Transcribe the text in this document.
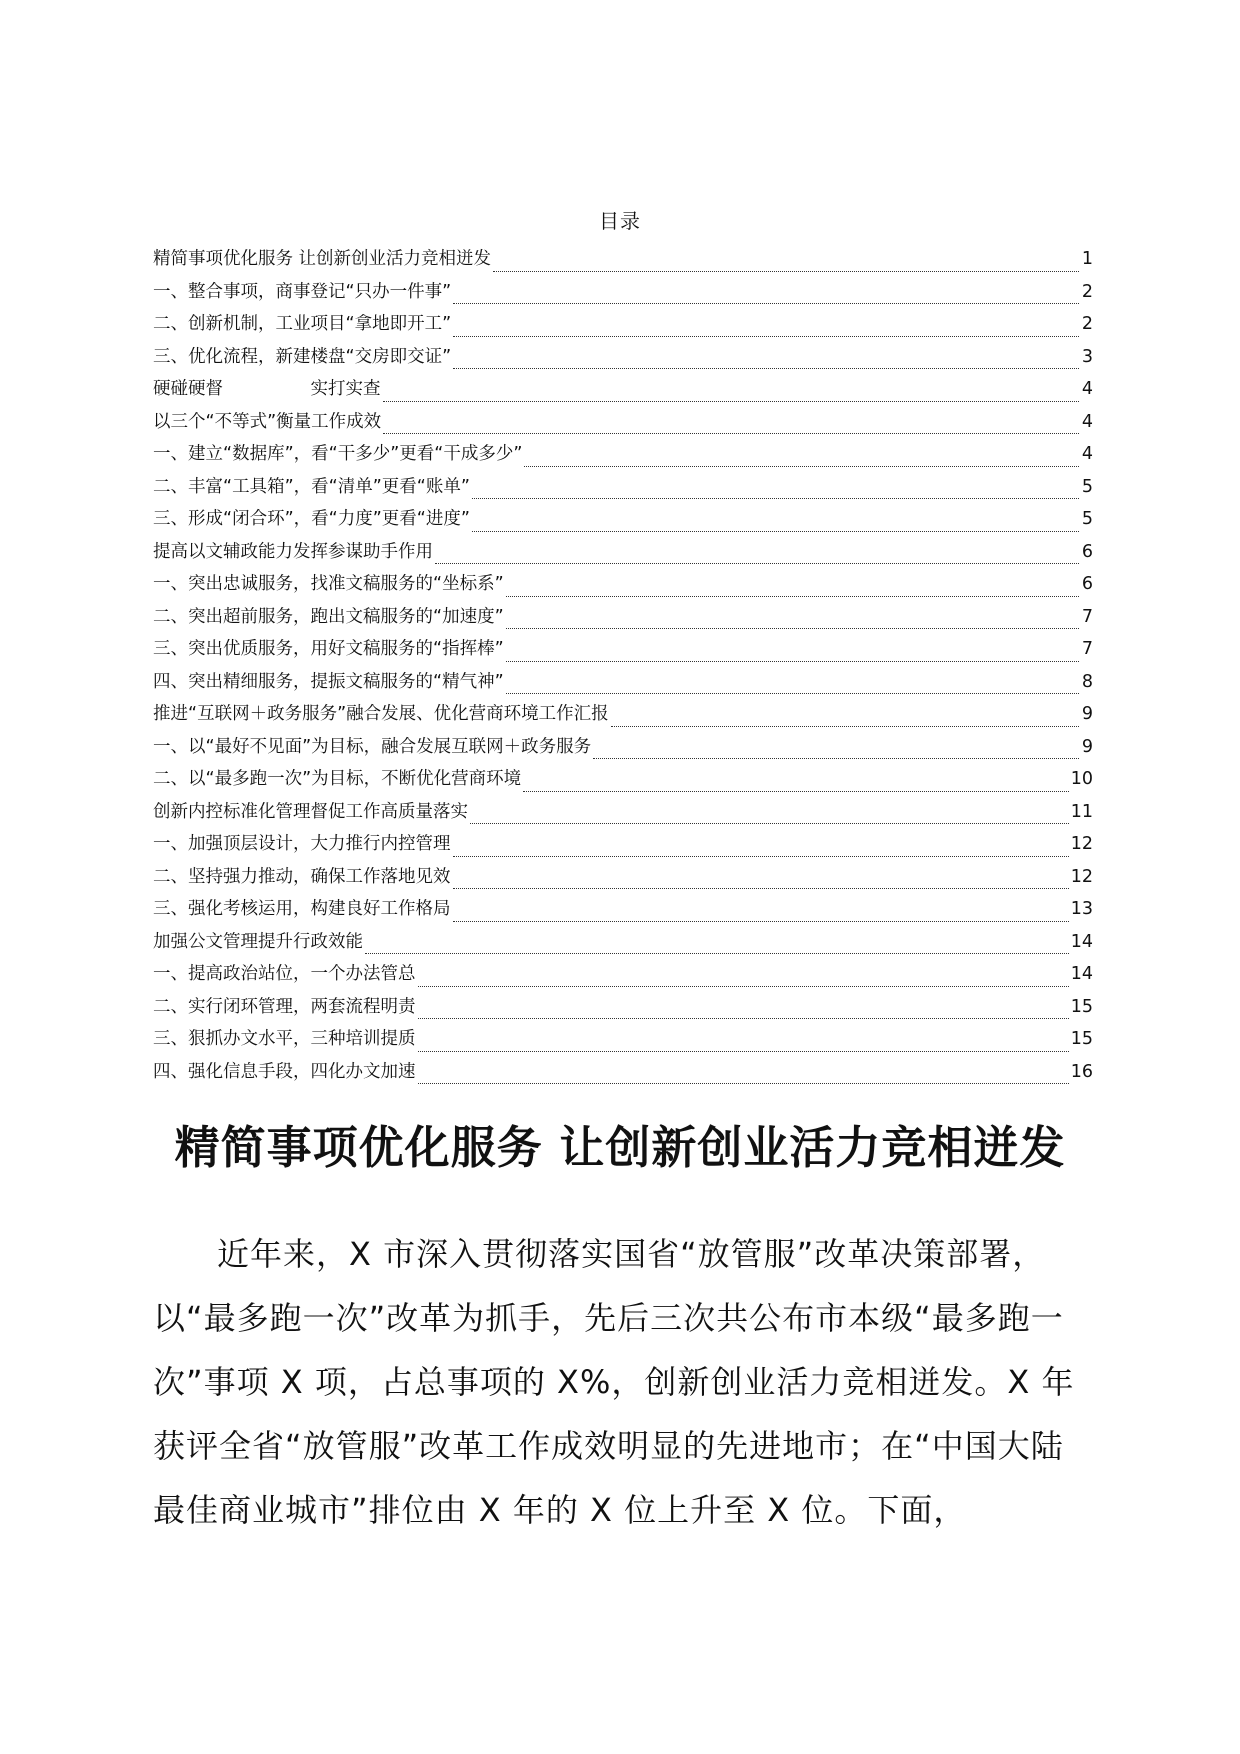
目录
精简事项优化服务 让创新创业活力竞相迸发	1
一、整合事项，商事登记“只办一件事”	2
二、创新机制，工业项目“拿地即开工”	2
三、优化流程，新建楼盘“交房即交证”	3
硬碰硬督　　　　　实打实查	4
以三个“不等式”衡量工作成效	4
一、建立“数据库”，看“干多少”更看“干成多少”	4
二、丰富“工具箱”，看“清单”更看“账单”	5
三、形成“闭合环”，看“力度”更看“进度”	5
提高以文辅政能力发挥参谋助手作用	6
一、突出忠诚服务，找准文稿服务的“坐标系”	6
二、突出超前服务，跑出文稿服务的“加速度”	7
三、突出优质服务，用好文稿服务的“指挥棒”	7
四、突出精细服务，提振文稿服务的“精气神”	8
推进“互联网＋政务服务”融合发展、优化营商环境工作汇报	9
一、以“最好不见面”为目标，融合发展互联网＋政务服务	9
二、以“最多跑一次”为目标，不断优化营商环境	10
创新内控标准化管理督促工作高质量落实	11
一、加强顶层设计，大力推行内控管理	12
二、坚持强力推动，确保工作落地见效	12
三、强化考核运用，构建良好工作格局	13
加强公文管理提升行政效能	14
一、提高政治站位，一个办法管总	14
二、实行闭环管理，两套流程明责	15
三、狠抓办文水平，三种培训提质	15
四、强化信息手段，四化办文加速	16
精简事项优化服务 让创新创业活力竞相迸发

近年来，X 市深入贯彻落实国省“放管服”改革决策部署，以“最多跑一次”改革为抓手，先后三次共公布市本级“最多跑一次”事项 X 项，占总事项的 X%，创新创业活力竞相迸发。X 年获评全省“放管服”改革工作成效明显的先进地市；在“中国大陆最佳商业城市”排位由 X 年的 X 位上升至 X 位。下面，
